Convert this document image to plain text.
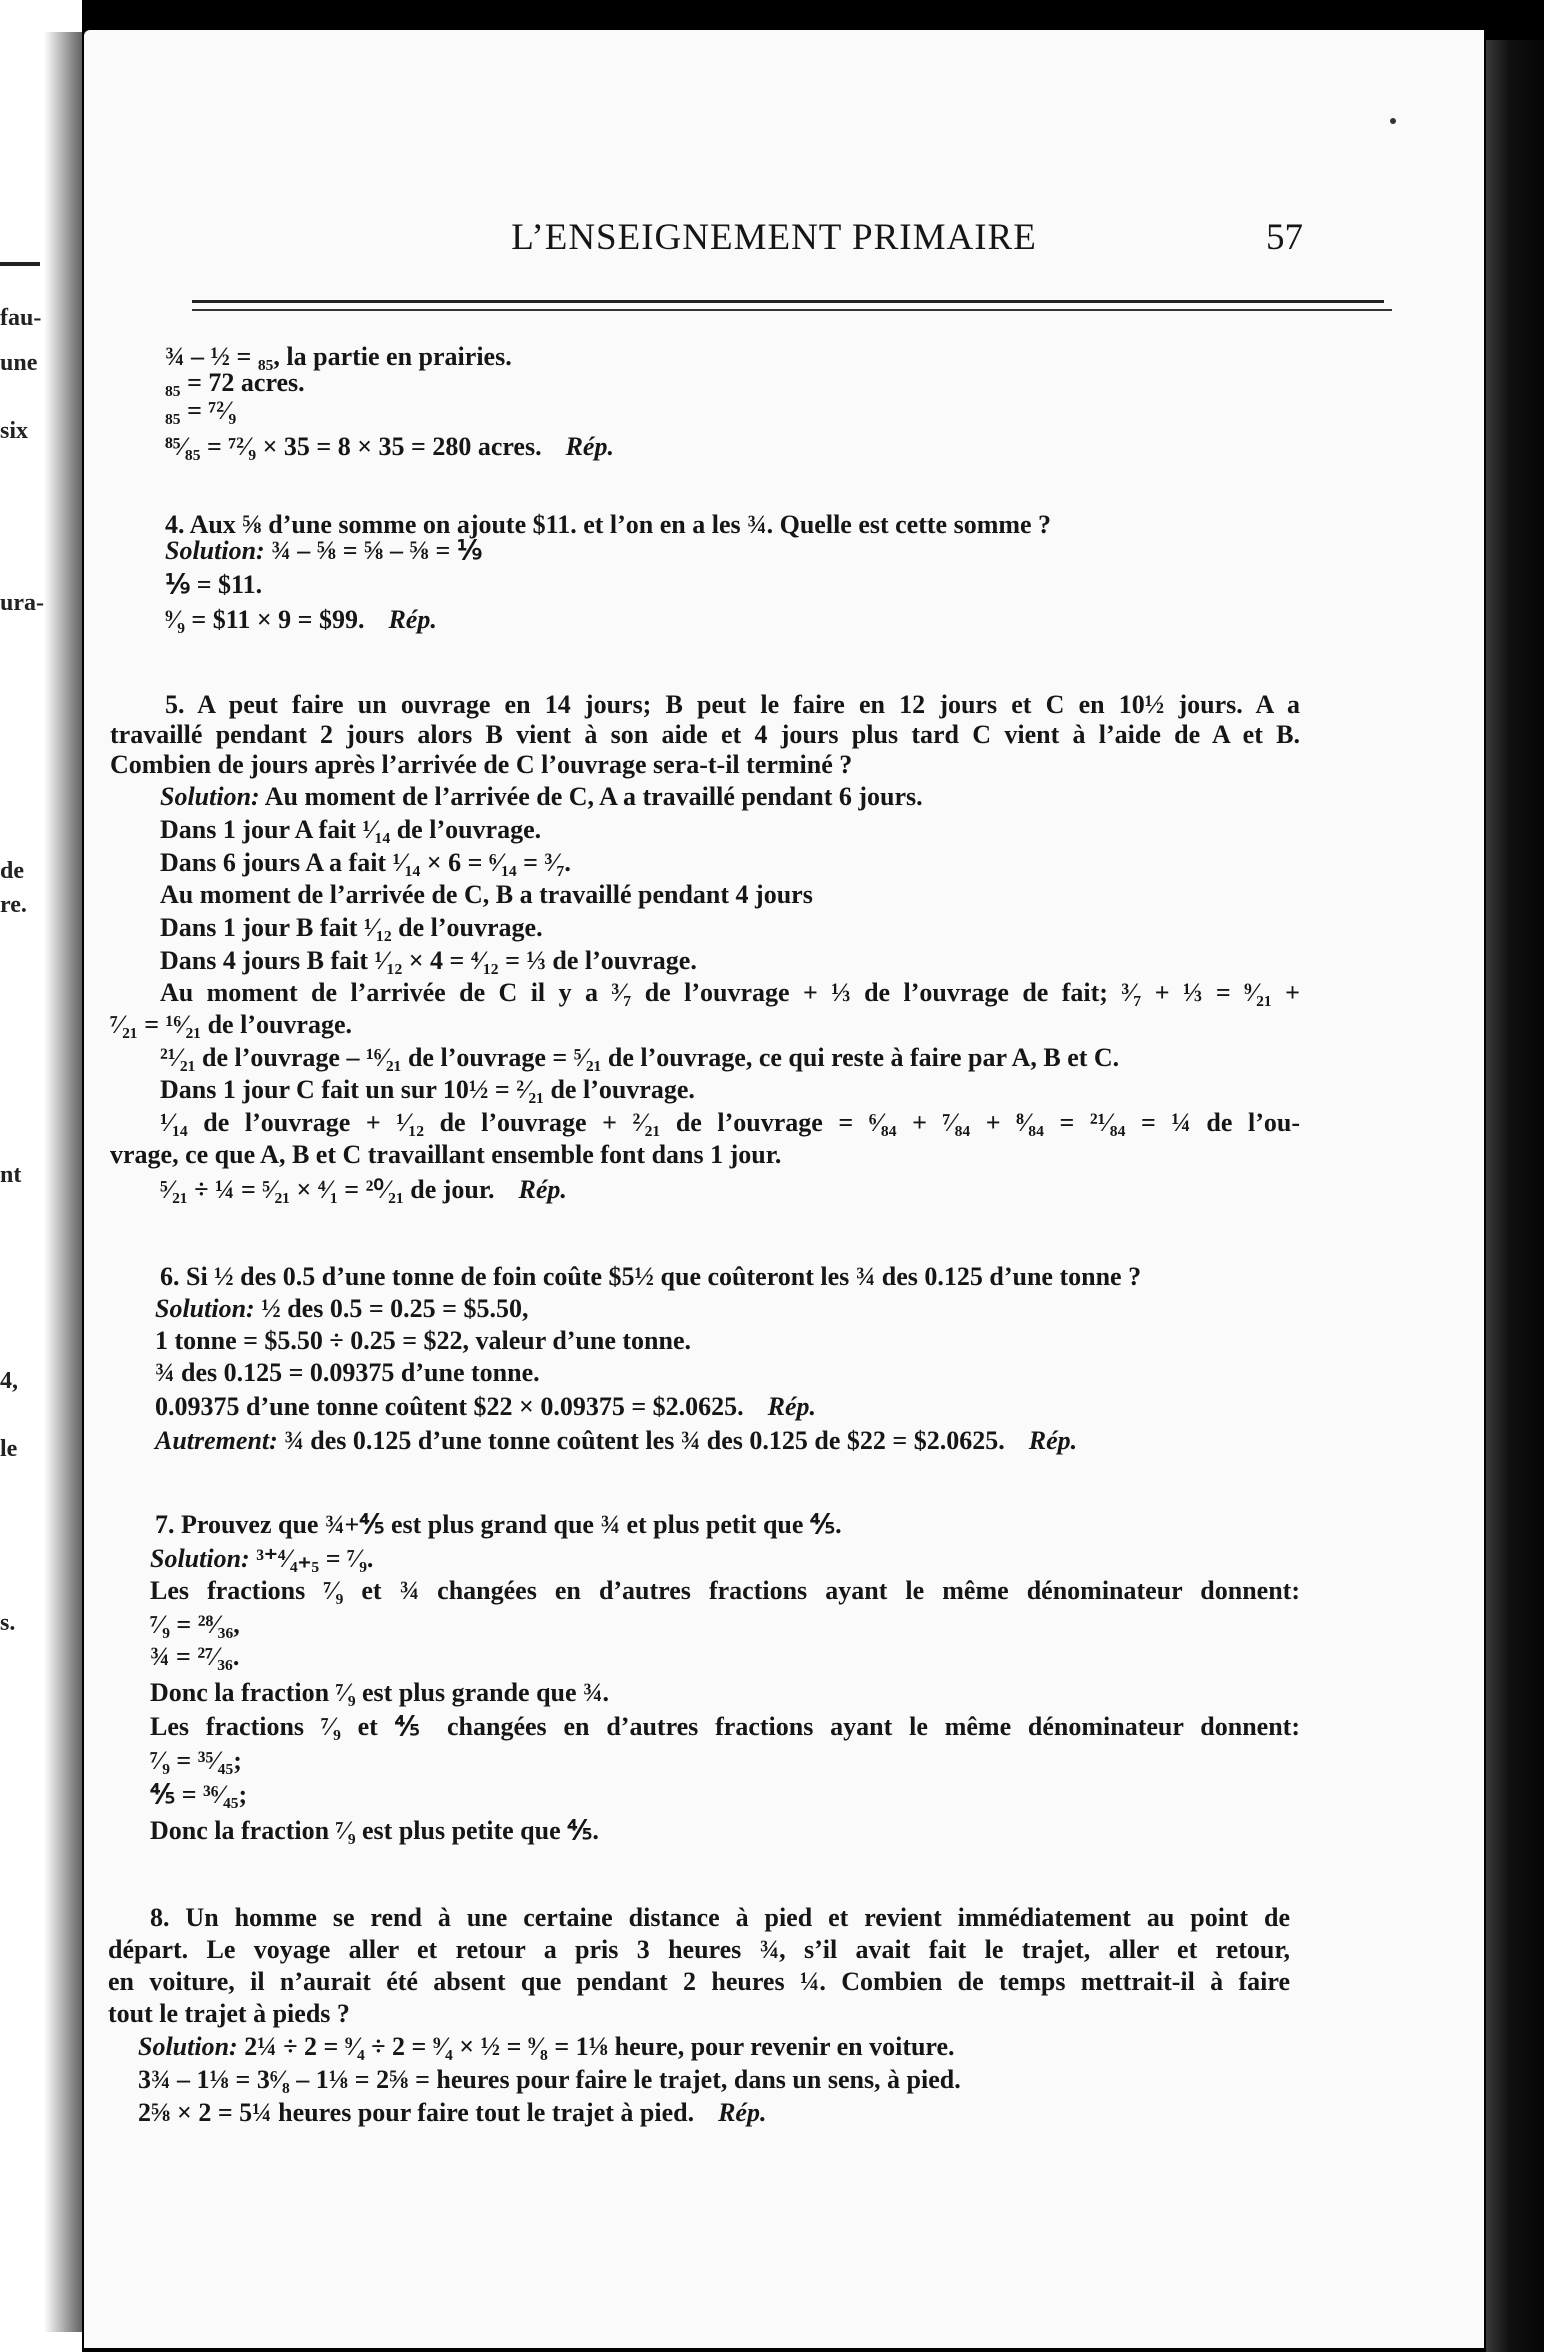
fau-
une
six
ura-
de
re.
nt
4,
le
s.
L’ENSEIGNEMENT PRIMAIRE	57
¾ – ½ = ₈₅, la partie en prairies.
₈₅ = 72 acres.
₈₅ = ⁷²⁄₉
⁸⁵⁄₈₅ = ⁷²⁄₉ × 35 = 8 × 35 = 280 acres. Rép.
4. Aux ⅝ d’une somme on ajoute $11. et l’on en a les ¾. Quelle est cette somme ?
Solution: ¾ – ⅝ = ⅝ – ⅝ = ⅑
⅑ = $11.
⁹⁄₉ = $11 × 9 = $99. Rép.
5. A peut faire un ouvrage en 14 jours; B peut le faire en 12 jours et C en 10½ jours. A a
travaillé pendant 2 jours alors B vient à son aide et 4 jours plus tard C vient à l’aide de A et B.
Combien de jours après l’arrivée de C l’ouvrage sera-t-il terminé ?
Solution: Au moment de l’arrivée de C, A a travaillé pendant 6 jours.
Dans 1 jour A fait ¹⁄₁₄ de l’ouvrage.
Dans 6 jours A a fait ¹⁄₁₄ × 6 = ⁶⁄₁₄ = ³⁄₇.
Au moment de l’arrivée de C, B a travaillé pendant 4 jours
Dans 1 jour B fait ¹⁄₁₂ de l’ouvrage.
Dans 4 jours B fait ¹⁄₁₂ × 4 = ⁴⁄₁₂ = ⅓ de l’ouvrage.
Au moment de l’arrivée de C il y a ³⁄₇ de l’ouvrage + ⅓ de l’ouvrage de fait; ³⁄₇ + ⅓ = ⁹⁄₂₁ +
⁷⁄₂₁ = ¹⁶⁄₂₁ de l’ouvrage.
²¹⁄₂₁ de l’ouvrage – ¹⁶⁄₂₁ de l’ouvrage = ⁵⁄₂₁ de l’ouvrage, ce qui reste à faire par A, B et C.
Dans 1 jour C fait un sur 10½ = ²⁄₂₁ de l’ouvrage.
¹⁄₁₄ de l’ouvrage + ¹⁄₁₂ de l’ouvrage + ²⁄₂₁ de l’ouvrage = ⁶⁄₈₄ + ⁷⁄₈₄ + ⁸⁄₈₄ = ²¹⁄₈₄ = ¼ de l’ou-
vrage, ce que A, B et C travaillant ensemble font dans 1 jour.
⁵⁄₂₁ ÷ ¼ = ⁵⁄₂₁ × ⁴⁄₁ = ²⁰⁄₂₁ de jour. Rép.
6. Si ½ des 0.5 d’une tonne de foin coûte $5½ que coûteront les ¾ des 0.125 d’une tonne ?
Solution: ½ des 0.5 = 0.25 = $5.50,
1 tonne = $5.50 ÷ 0.25 = $22, valeur d’une tonne.
¾ des 0.125 = 0.09375 d’une tonne.
0.09375 d’une tonne coûtent $22 × 0.09375 = $2.0625. Rép.
Autrement: ¾ des 0.125 d’une tonne coûtent les ¾ des 0.125 de $22 = $2.0625. Rép.
7. Prouvez que ¾+⅘ est plus grand que ¾ et plus petit que ⅘.
Solution: ³⁺⁴⁄₄₊₅ = ⁷⁄₉.
Les fractions ⁷⁄₉ et ¾ changées en d’autres fractions ayant le même dénominateur donnent:
⁷⁄₉ = ²⁸⁄₃₆,
¾ = ²⁷⁄₃₆.
Donc la fraction ⁷⁄₉ est plus grande que ¾.
Les fractions ⁷⁄₉ et ⅘ changées en d’autres fractions ayant le même dénominateur donnent:
⁷⁄₉ = ³⁵⁄₄₅;
⅘ = ³⁶⁄₄₅;
Donc la fraction ⁷⁄₉ est plus petite que ⅘.
8. Un homme se rend à une certaine distance à pied et revient immédiatement au point de
départ. Le voyage aller et retour a pris 3 heures ¾, s’il avait fait le trajet, aller et retour,
en voiture, il n’aurait été absent que pendant 2 heures ¼. Combien de temps mettrait-il à faire
tout le trajet à pieds ?
Solution: 2¼ ÷ 2 = ⁹⁄₄ ÷ 2 = ⁹⁄₄ × ½ = ⁹⁄₈ = 1⅛ heure, pour revenir en voiture.
3¾ – 1⅛ = 3⁶⁄₈ – 1⅛ = 2⅝ = heures pour faire le trajet, dans un sens, à pied.
2⅝ × 2 = 5¼ heures pour faire tout le trajet à pied. Rép.
